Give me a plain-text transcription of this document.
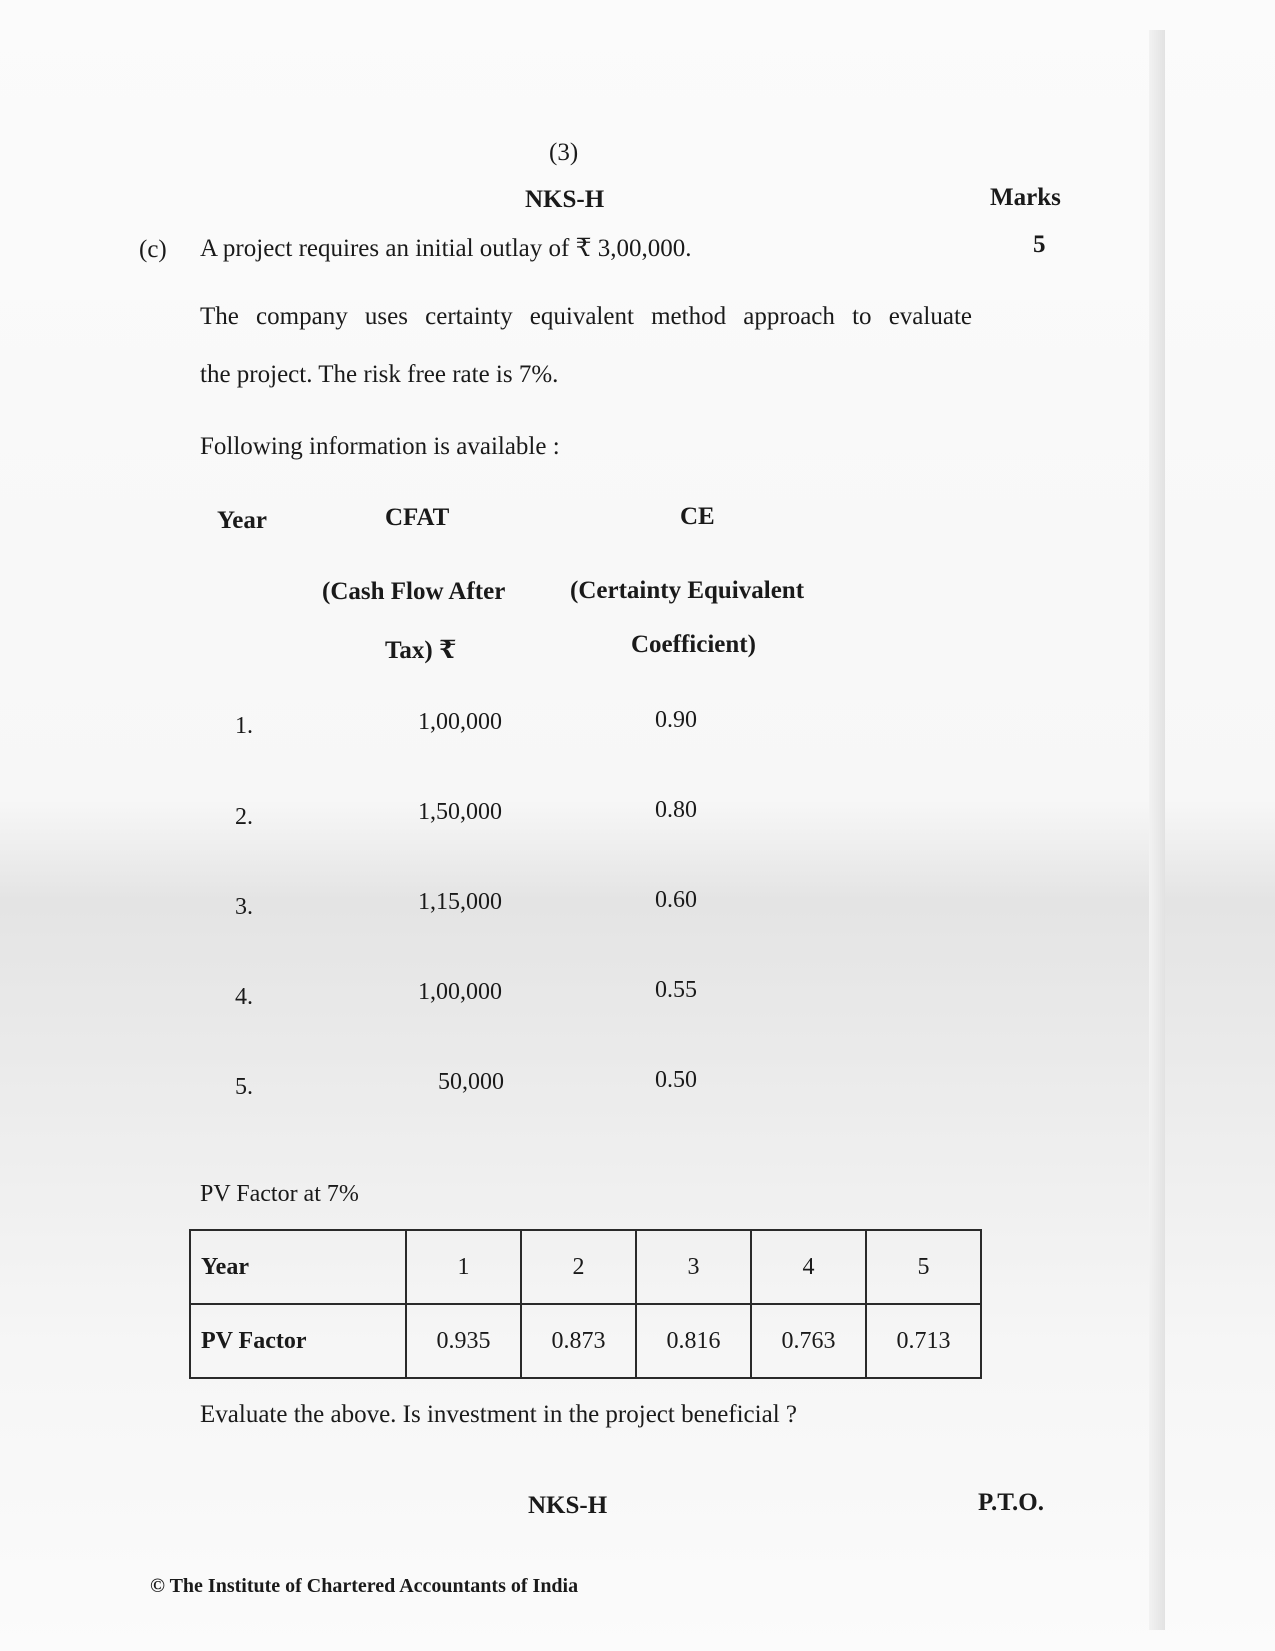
(3)
NKS-H	Marks
5
(c) A project requires an initial outlay of ₹ 3,00,000.
The company uses certainty equivalent method approach to evaluate
the project. The risk free rate is 7%.
Following information is available :
Year	CFAT	CE
(Cash Flow After
Tax) ₹
(Certainty Equivalent
Coefficient)
1.	1,00,000	0.90
2.	1,50,000	0.80
3.	1,15,000	0.60
4.	1,00,000	0.55
5.	50,000	0.50
PV Factor at 7%
Year	1	2	3	4	5
PV Factor	0.935	0.873	0.816	0.763	0.713
Evaluate the above. Is investment in the project beneficial ?
NKS-H	P.T.O.
© The Institute of Chartered Accountants of India
